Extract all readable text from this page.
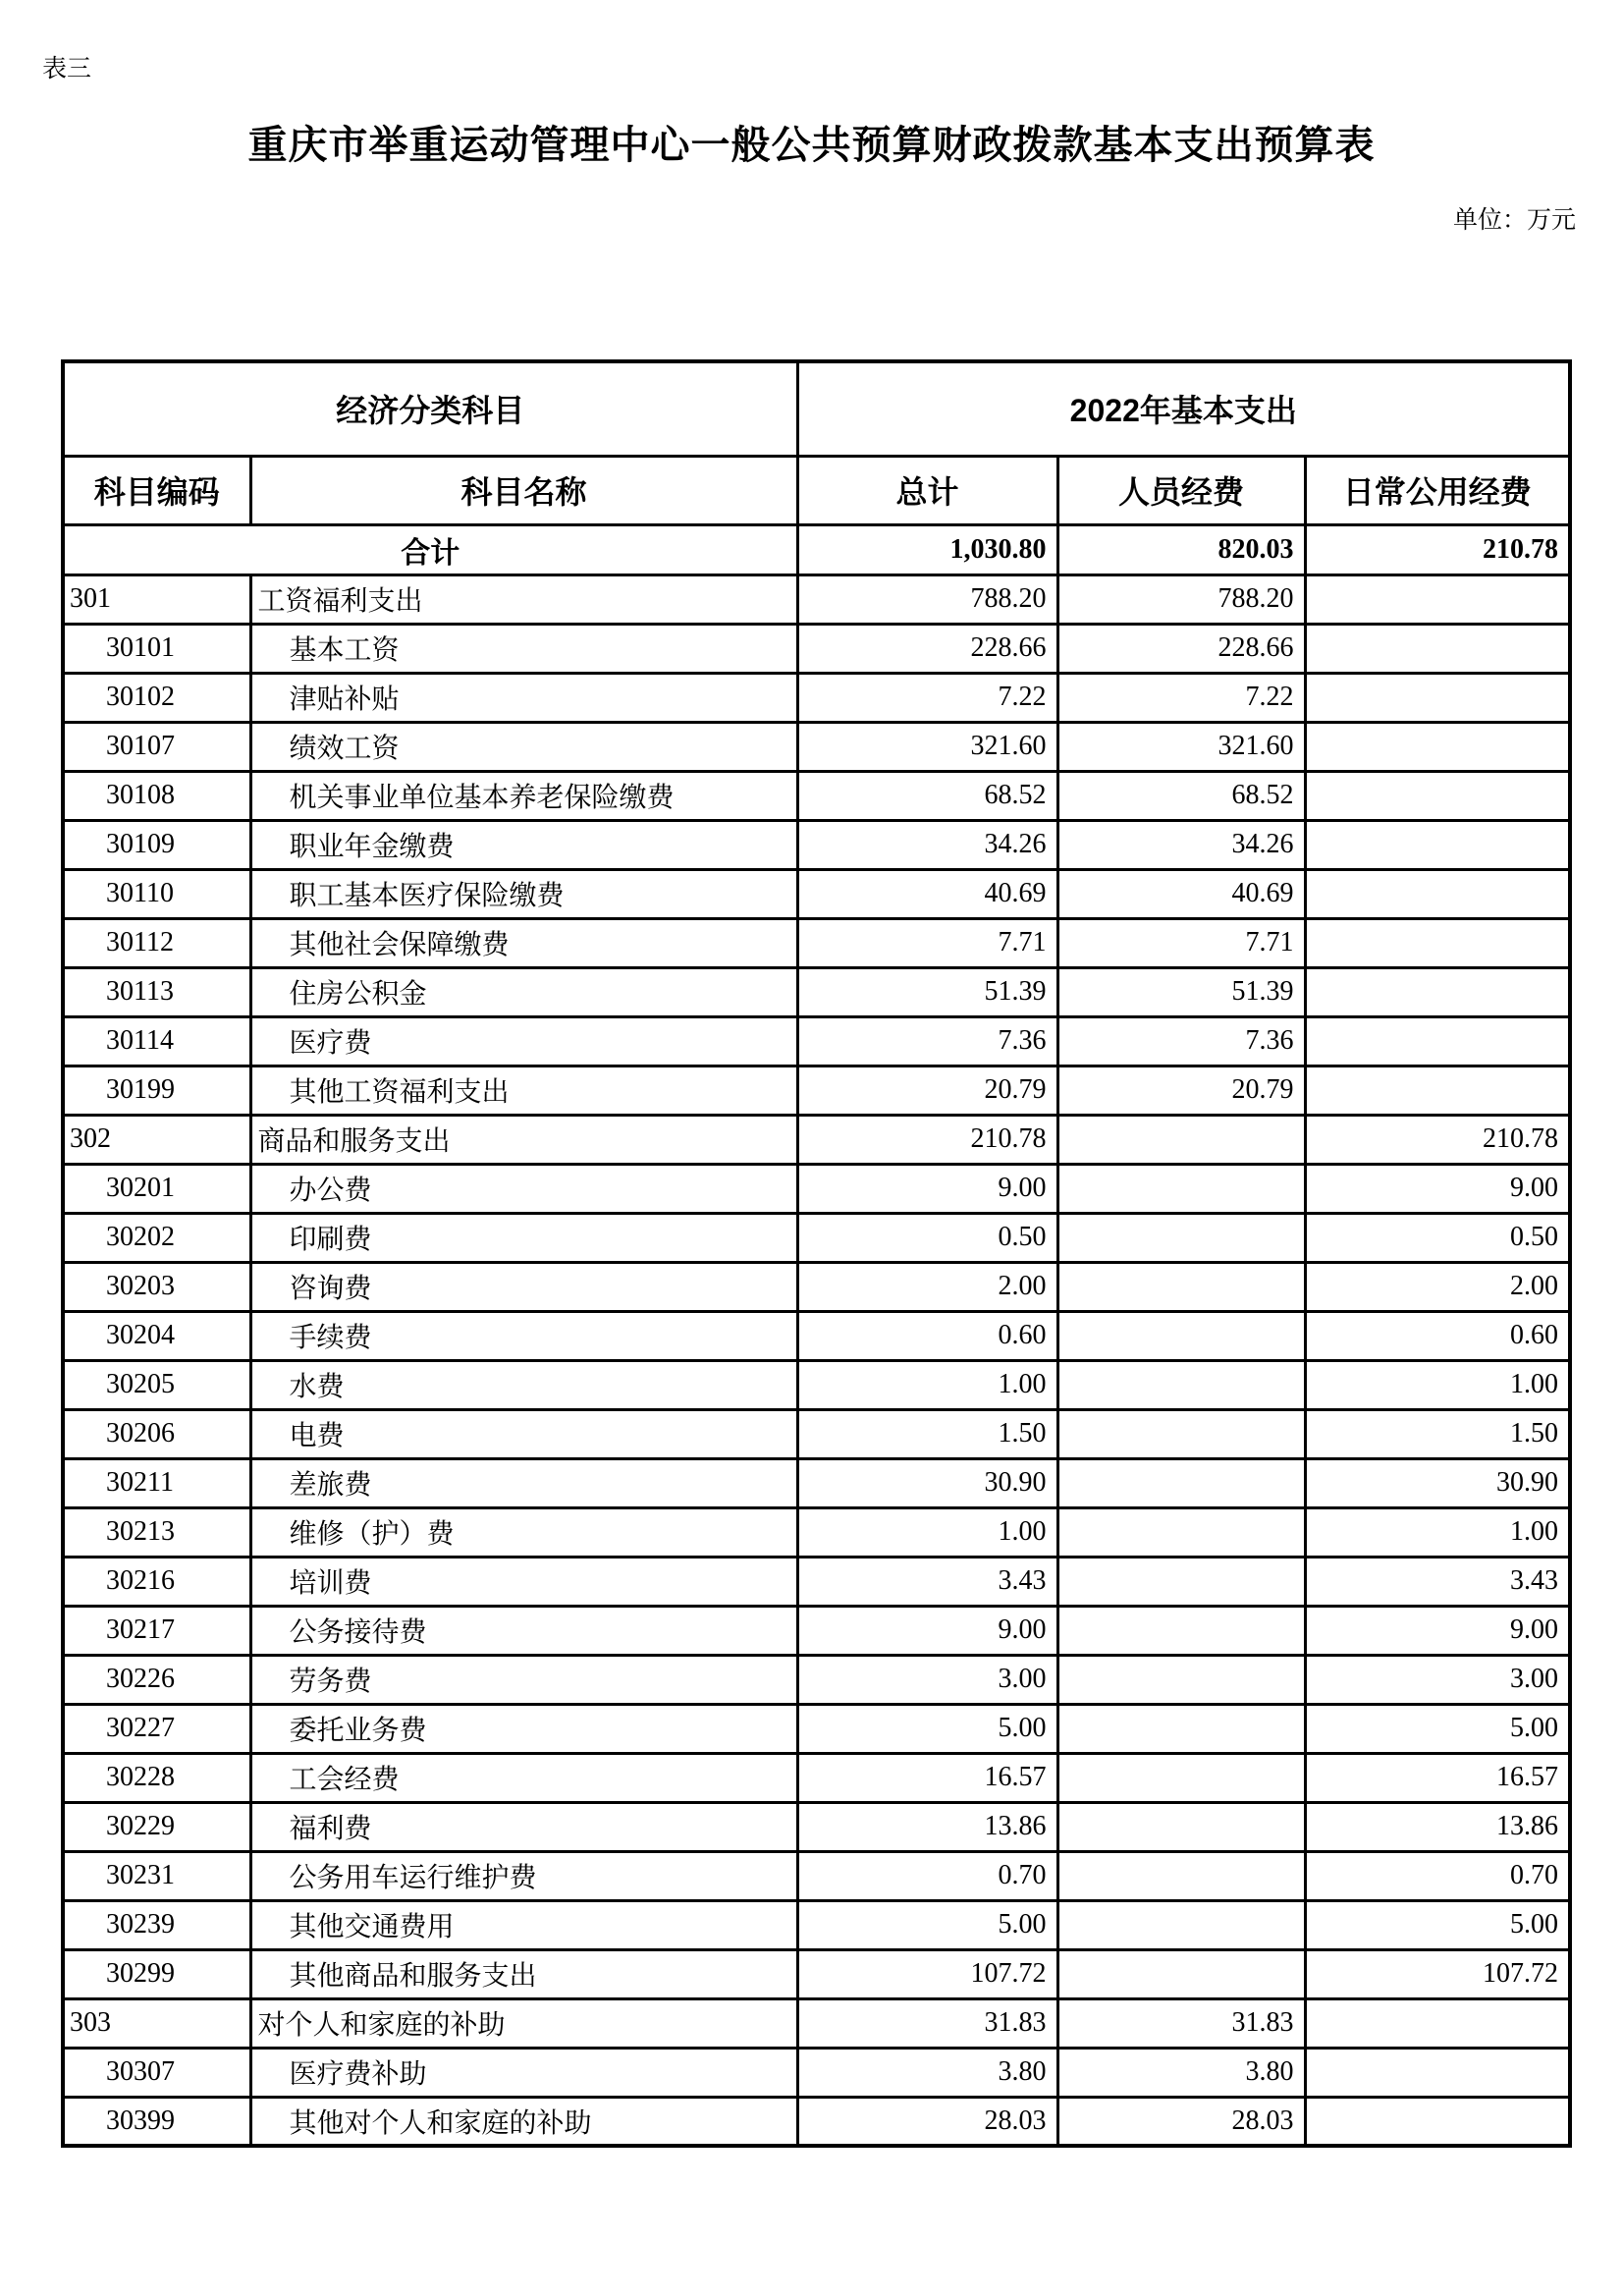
表三
重庆市举重运动管理中心一般公共预算财政拨款基本支出预算表
单位：万元
经济分类科目		2022年基本支出		
科目编码	科目名称	总计	人员经费	日常公用经费
合计		1,030.80	820.03	210.78
301	工资福利支出	788.20	788.20	
30101	基本工资	228.66	228.66	
30102	津贴补贴	7.22	7.22	
30107	绩效工资	321.60	321.60	
30108	机关事业单位基本养老保险缴费	68.52	68.52	
30109	职业年金缴费	34.26	34.26	
30110	职工基本医疗保险缴费	40.69	40.69	
30112	其他社会保障缴费	7.71	7.71	
30113	住房公积金	51.39	51.39	
30114	医疗费	7.36	7.36	
30199	其他工资福利支出	20.79	20.79	
302	商品和服务支出	210.78		210.78
30201	办公费	9.00		9.00
30202	印刷费	0.50		0.50
30203	咨询费	2.00		2.00
30204	手续费	0.60		0.60
30205	水费	1.00		1.00
30206	电费	1.50		1.50
30211	差旅费	30.90		30.90
30213	维修（护）费	1.00		1.00
30216	培训费	3.43		3.43
30217	公务接待费	9.00		9.00
30226	劳务费	3.00		3.00
30227	委托业务费	5.00		5.00
30228	工会经费	16.57		16.57
30229	福利费	13.86		13.86
30231	公务用车运行维护费	0.70		0.70
30239	其他交通费用	5.00		5.00
30299	其他商品和服务支出	107.72		107.72
303	对个人和家庭的补助	31.83	31.83	
30307	医疗费补助	3.80	3.80	
30399	其他对个人和家庭的补助	28.03	28.03	
